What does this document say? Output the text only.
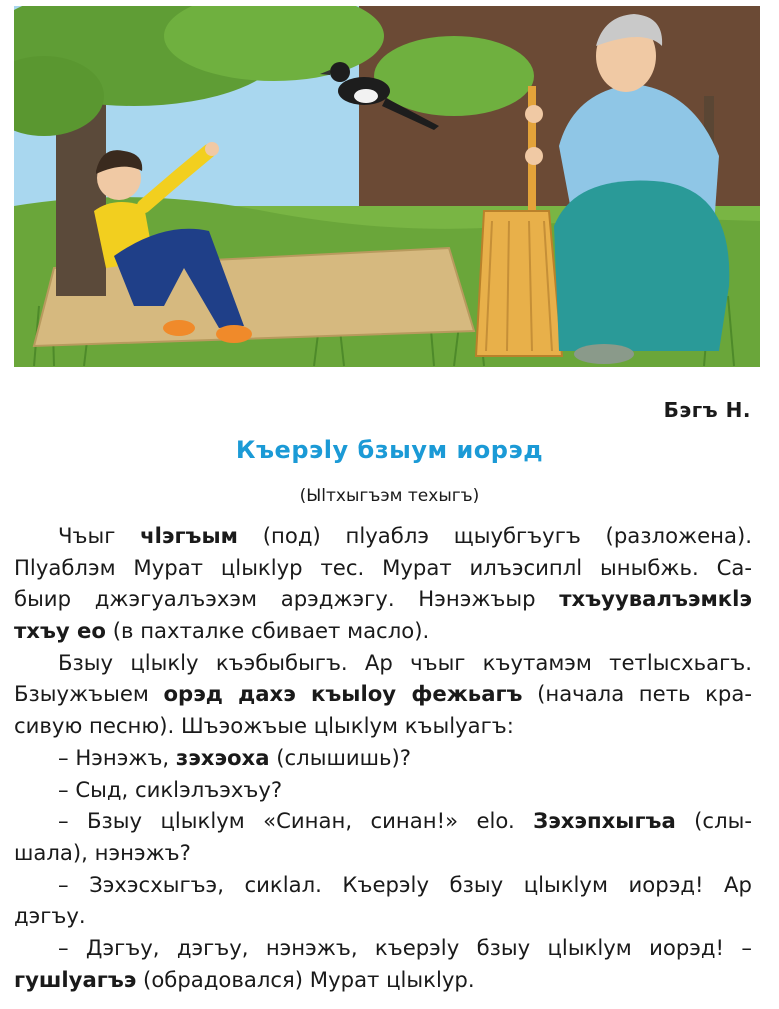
Бэгъ Н.
Къерэlу бзыум иорэд
(Ыlтхыгъэм техыгъ)

Чъыг чlэгъым (под) пlуаблэ щыубгъугъ (разложена).
Пlуаблэм Мурат цlыкlур тес. Мурат илъэсиплl ыныбжь. Са-
быир джэгуалъэхэм арэджэгу. Нэнэжъыр тхъуувалъэмкlэ
тхъу ео (в пахталке сбивает масло).

Бзыу цlыкlу къэбыбыгъ. Ар чъыг къутамэм тетlысхьагъ.
Бзыужъыем орэд дахэ къыlоу фежьагъ (начала петь кра-
сивую песню). Шъэожъые цlыкlум къыlуагъ:

– Нэнэжъ, зэхэоха (слышишь)?

– Сыд, сикlэлъэхъу?

– Бзыу цlыкlум «Синан, синан!» elo. Зэхэпхыгъа (слы-
шала), нэнэжъ?

– Зэхэсхыгъэ, сикlал. Къерэlу бзыу цlыкlум иорэд! Ар
дэгъу.

– Дэгъу, дэгъу, нэнэжъ, къерэlу бзыу цlыкlум иорэд! –
гушlуагъэ (обрадовался) Мурат цlыкlур.
